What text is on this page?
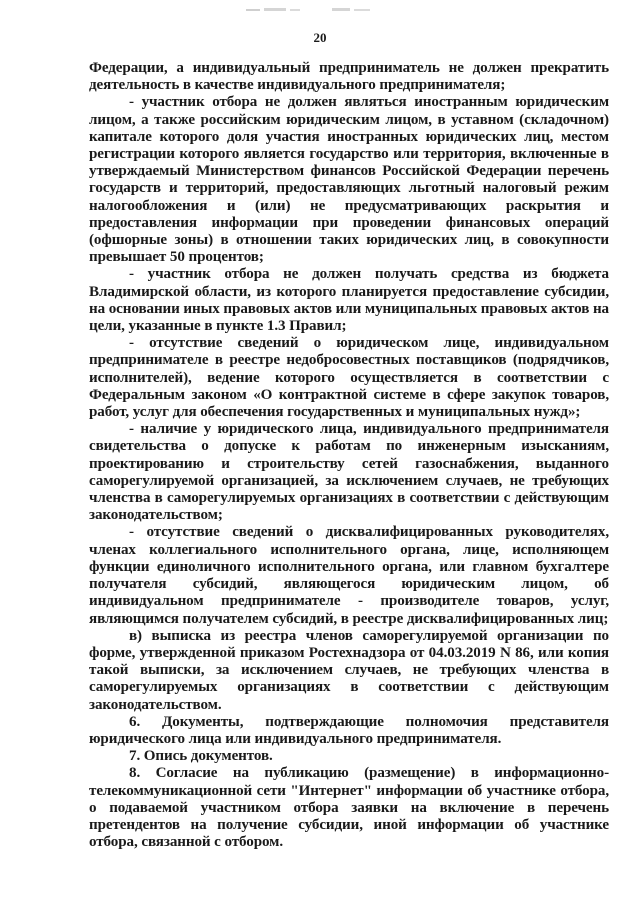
20

Федерации, а индивидуальный предприниматель не должен прекратить деятельность в качестве индивидуального предпринимателя;

- участник отбора не должен являться иностранным юридическим лицом, а также российским юридическим лицом, в уставном (складочном) капитале которого доля участия иностранных юридических лиц, местом регистрации которого является государство или территория, включенные в утверждаемый Министерством финансов Российской Федерации перечень государств и территорий, предоставляющих льготный налоговый режим налогообложения и (или) не предусматривающих раскрытия и предоставления информации при проведении финансовых операций (офшорные зоны) в отношении таких юридических лиц, в совокупности превышает 50 процентов;

- участник отбора не должен получать средства из бюджета Владимирской области, из которого планируется предоставление субсидии, на основании иных правовых актов или муниципальных правовых актов на цели, указанные в пункте 1.3 Правил;

- отсутствие сведений о юридическом лице, индивидуальном предпринимателе в реестре недобросовестных поставщиков (подрядчиков, исполнителей), ведение которого осуществляется в соответствии с Федеральным законом «О контрактной системе в сфере закупок товаров, работ, услуг для обеспечения государственных и муниципальных нужд»;

- наличие у юридического лица, индивидуального предпринимателя свидетельства о допуске к работам по инженерным изысканиям, проектированию и строительству сетей газоснабжения, выданного саморегулируемой организацией, за исключением случаев, не требующих членства в саморегулируемых организациях в соответствии с действующим законодательством;

- отсутствие сведений о дисквалифицированных руководителях, членах коллегиального исполнительного органа, лице, исполняющем функции единоличного исполнительного органа, или главном бухгалтере получателя субсидий, являющегося юридическим лицом, об индивидуальном предпринимателе - производителе товаров, услуг, являющимся получателем субсидий, в реестре дисквалифицированных лиц;

в) выписка из реестра членов саморегулируемой организации по форме, утвержденной приказом Ростехнадзора от 04.03.2019 N 86, или копия такой выписки, за исключением случаев, не требующих членства в саморегулируемых организациях в соответствии с действующим законодательством.

6. Документы, подтверждающие полномочия представителя юридического лица или индивидуального предпринимателя.

7. Опись документов.

8. Согласие на публикацию (размещение) в информационно-телекоммуникационной сети "Интернет" информации об участнике отбора, о подаваемой участником отбора заявки на включение в перечень претендентов на получение субсидии, иной информации об участнике отбора, связанной с отбором.
